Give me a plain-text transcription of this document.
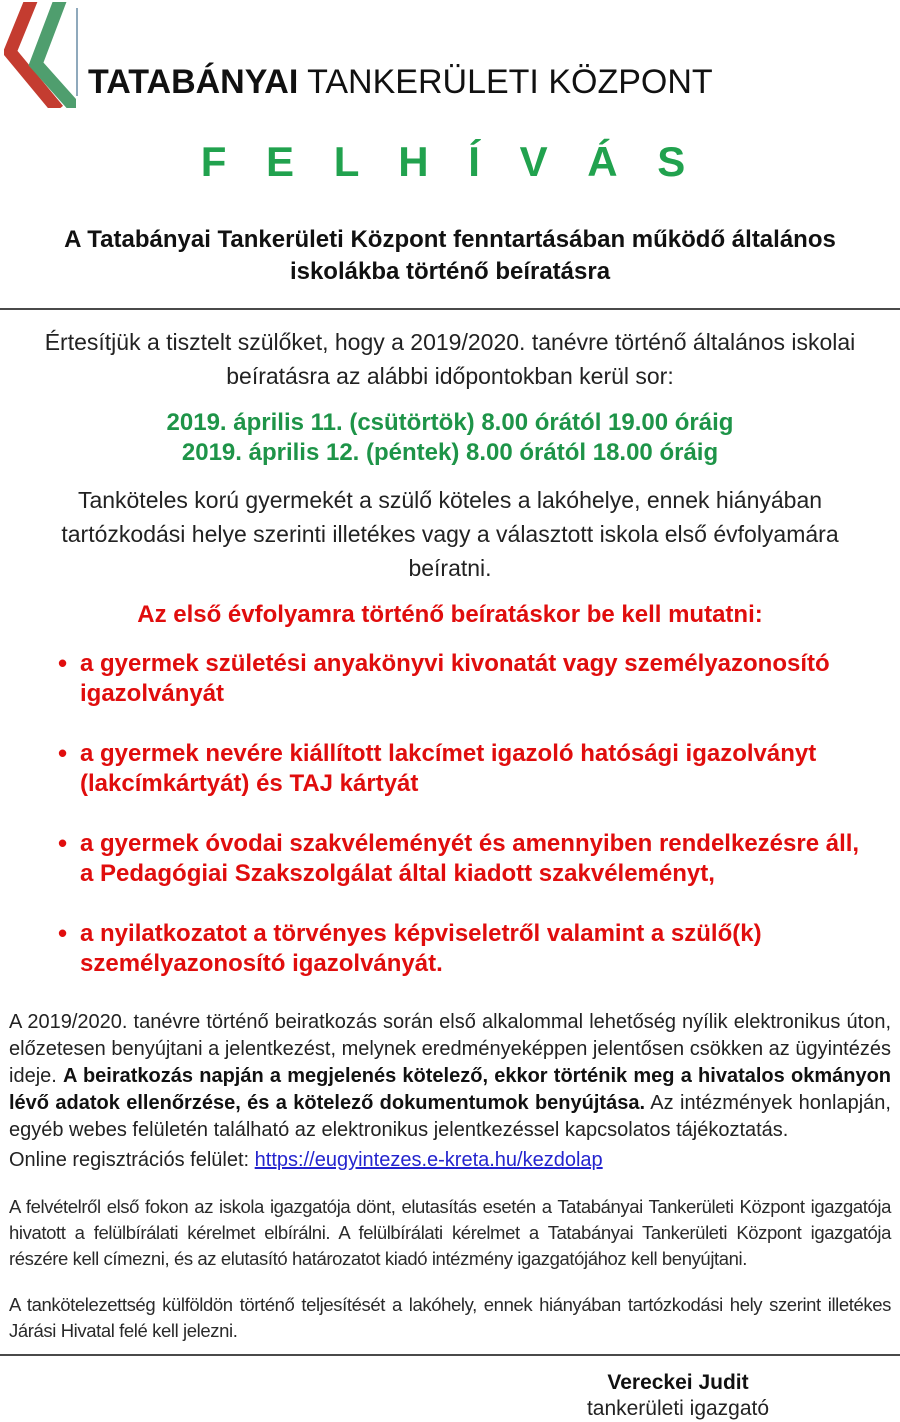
TATABÁNYAI TANKERÜLETI KÖZPONT
F E L H Í V Á S
A Tatabányai Tankerületi Központ fenntartásában működő általános iskolákba történő beíratásra

Értesítjük a tisztelt szülőket, hogy a 2019/2020. tanévre történő általános iskolai beíratásra az alábbi időpontokban kerül sor:

2019. április 11. (csütörtök) 8.00 órától 19.00 óráig
2019. április 12. (péntek) 8.00 órától 18.00 óráig

Tanköteles korú gyermekét a szülő köteles a lakóhelye, ennek hiányában tartózkodási helye szerinti illetékes vagy a választott iskola első évfolyamára beíratni.

Az első évfolyamra történő beíratáskor be kell mutatni:
• a gyermek születési anyakönyvi kivonatát vagy személyazonosító igazolványát
• a gyermek nevére kiállított lakcímet igazoló hatósági igazolványt (lakcímkártyát) és TAJ kártyát
• a gyermek óvodai szakvéleményét és amennyiben rendelkezésre áll, a Pedagógiai Szakszolgálat által kiadott szakvéleményt,
• a nyilatkozatot a törvényes képviseletről valamint a szülő(k) személyazonosító igazolványát.

A 2019/2020. tanévre történő beiratkozás során első alkalommal lehetőség nyílik elektronikus úton, előzetesen benyújtani a jelentkezést, melynek eredményeképpen jelentősen csökken az ügyintézés ideje. A beiratkozás napján a megjelenés kötelező, ekkor történik meg a hivatalos okmányon lévő adatok ellenőrzése, és a kötelező dokumentumok benyújtása. Az intézmények honlapján, egyéb webes felületén található az elektronikus jelentkezéssel kapcsolatos tájékoztatás.

Online regisztrációs felület: https://eugyintezes.e-kreta.hu/kezdolap

A felvételről első fokon az iskola igazgatója dönt, elutasítás esetén a Tatabányai Tankerületi Központ igazgatója hivatott a felülbírálati kérelmet elbírálni. A felülbírálati kérelmet a Tatabányai Tankerületi Központ igazgatója részére kell címezni, és az elutasító határozatot kiadó intézmény igazgatójához kell benyújtani.

A tankötelezettség külföldön történő teljesítését a lakóhely, ennek hiányában tartózkodási hely szerint illetékes Járási Hivatal felé kell jelezni.

Vereckei Judit
tankerületi igazgató
